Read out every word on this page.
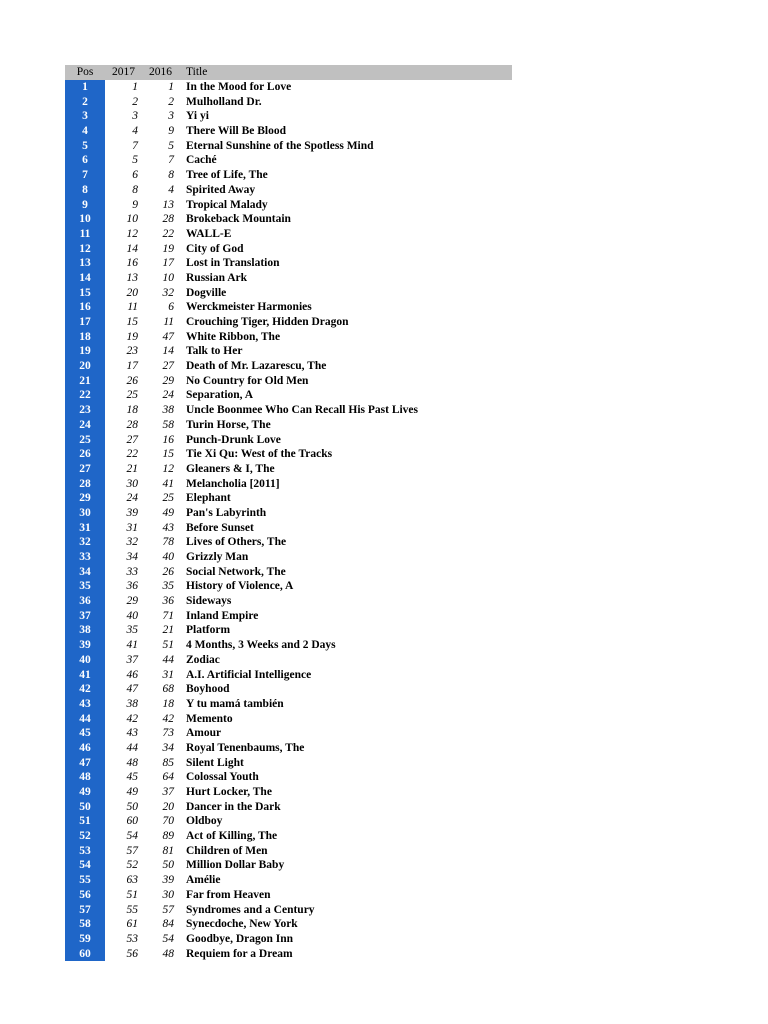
Pos	2017	2016	Title
1	1	1	In the Mood for Love
2	2	2	Mulholland Dr.
3	3	3	Yi yi
4	4	9	There Will Be Blood
5	7	5	Eternal Sunshine of the Spotless Mind
6	5	7	Caché
7	6	8	Tree of Life, The
8	8	4	Spirited Away
9	9	13	Tropical Malady
10	10	28	Brokeback Mountain
11	12	22	WALL-E
12	14	19	City of God
13	16	17	Lost in Translation
14	13	10	Russian Ark
15	20	32	Dogville
16	11	6	Werckmeister Harmonies
17	15	11	Crouching Tiger, Hidden Dragon
18	19	47	White Ribbon, The
19	23	14	Talk to Her
20	17	27	Death of Mr. Lazarescu, The
21	26	29	No Country for Old Men
22	25	24	Separation, A
23	18	38	Uncle Boonmee Who Can Recall His Past Lives
24	28	58	Turin Horse, The
25	27	16	Punch-Drunk Love
26	22	15	Tie Xi Qu: West of the Tracks
27	21	12	Gleaners & I, The
28	30	41	Melancholia [2011]
29	24	25	Elephant
30	39	49	Pan's Labyrinth
31	31	43	Before Sunset
32	32	78	Lives of Others, The
33	34	40	Grizzly Man
34	33	26	Social Network, The
35	36	35	History of Violence, A
36	29	36	Sideways
37	40	71	Inland Empire
38	35	21	Platform
39	41	51	4 Months, 3 Weeks and 2 Days
40	37	44	Zodiac
41	46	31	A.I. Artificial Intelligence
42	47	68	Boyhood
43	38	18	Y tu mamá también
44	42	42	Memento
45	43	73	Amour
46	44	34	Royal Tenenbaums, The
47	48	85	Silent Light
48	45	64	Colossal Youth
49	49	37	Hurt Locker, The
50	50	20	Dancer in the Dark
51	60	70	Oldboy
52	54	89	Act of Killing, The
53	57	81	Children of Men
54	52	50	Million Dollar Baby
55	63	39	Amélie
56	51	30	Far from Heaven
57	55	57	Syndromes and a Century
58	61	84	Synecdoche, New York
59	53	54	Goodbye, Dragon Inn
60	56	48	Requiem for a Dream
